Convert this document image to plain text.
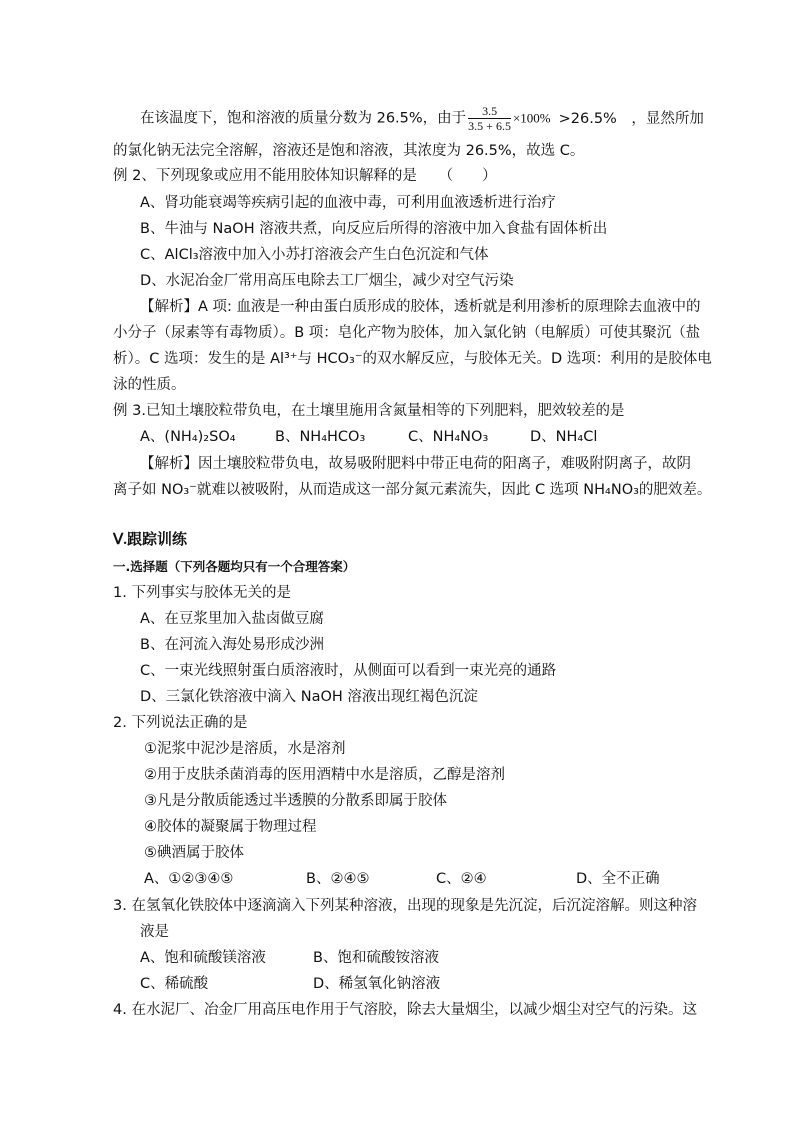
在该温度下，饱和溶液的质量分数为 26.5%，由于 $\frac{3.5}{3.5 + 6.5} \times 100\% >26.5\%$　，显然所加
的氯化钠无法完全溶解，溶液还是饱和溶液，其浓度为 26.5%，故选 C。
例 2、下列现象或应用不能用胶体知识解释的是　　（　　）
A、肾功能衰竭等疾病引起的血液中毒，可利用血液透析进行治疗
B、牛油与 NaOH 溶液共煮，向反应后所得的溶液中加入食盐有固体析出
C、AlCl₃溶液中加入小苏打溶液会产生白色沉淀和气体
D、水泥冶金厂常用高压电除去工厂烟尘，减少对空气污染
【解析】A 项: 血液是一种由蛋白质形成的胶体，透析就是利用渗析的原理除去血液中的
小分子（尿素等有毒物质）。B 项：皂化产物为胶体，加入氯化钠（电解质）可使其聚沉（盐
析）。C 选项：发生的是 Al³⁺与 HCO₃⁻的双水解反应，与胶体无关。D 选项：利用的是胶体电
泳的性质。
例 3.已知土壤胶粒带负电，在土壤里施用含氮量相等的下列肥料，肥效较差的是
A、(NH₄)₂SO₄	B、NH₄HCO₃	C、NH₄NO₃	D、NH₄Cl
【解析】因土壤胶粒带负电，故易吸附肥料中带正电荷的阳离子，难吸附阴离子，故阴
离子如 NO₃⁻就难以被吸附，从而造成这一部分氮元素流失，因此 C 选项 NH₄NO₃的肥效差。
Ⅴ.跟踪训练
一.选择题（下列各题均只有一个合理答案）
1. 下列事实与胶体无关的是
A、在豆浆里加入盐卤做豆腐
B、在河流入海处易形成沙洲
C、一束光线照射蛋白质溶液时，从侧面可以看到一束光亮的通路
D、三氯化铁溶液中滴入 NaOH 溶液出现红褐色沉淀
2. 下列说法正确的是
①泥浆中泥沙是溶质，水是溶剂
②用于皮肤杀菌消毒的医用酒精中水是溶质，乙醇是溶剂
③凡是分散质能透过半透膜的分散系即属于胶体
④胶体的凝聚属于物理过程
⑤碘酒属于胶体
A、①②③④⑤	B、②④⑤	C、②④	D、全不正确
3. 在氢氧化铁胶体中逐滴滴入下列某种溶液，出现的现象是先沉淀，后沉淀溶解。则这种溶
液是
A、饱和硫酸镁溶液	B、饱和硫酸铵溶液
C、稀硫酸	D、稀氢氧化钠溶液
4. 在水泥厂、冶金厂用高压电作用于气溶胶，除去大量烟尘，以减少烟尘对空气的污染。这
